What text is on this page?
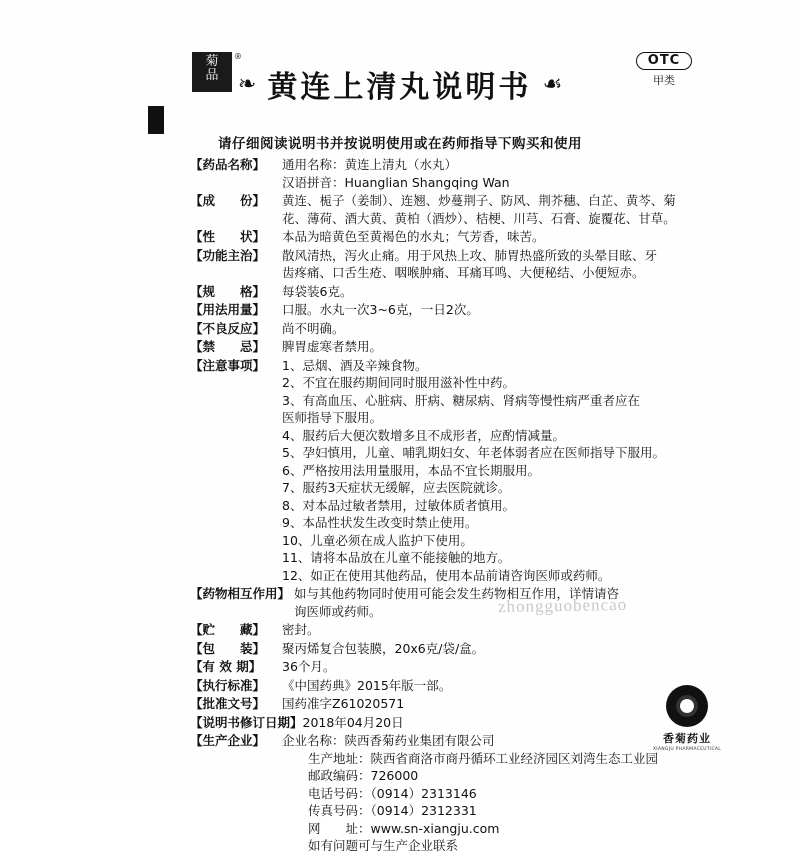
菊
品
®	OTC
甲类
❧ 黄连上清丸说明书 ☙
请仔细阅读说明书并按说明使用或在药师指导下购买和使用
【药品名称】	通用名称：黄连上清丸（水丸）

汉语拼音：Huanglian Shangqing Wan

【成　　份】	黄连、栀子（姜制）、连翘、炒蔓荆子、防风、荆芥穗、白芷、黄芩、菊

花、薄荷、酒大黄、黄柏（酒炒）、桔梗、川芎、石膏、旋覆花、甘草。

【性　　状】	本品为暗黄色至黄褐色的水丸；气芳香，味苦。

【功能主治】	散风清热，泻火止痛。用于风热上攻、肺胃热盛所致的头晕目眩、牙

齿疼痛、口舌生疮、咽喉肿痛、耳痛耳鸣、大便秘结、小便短赤。

【规　　格】	每袋装6克。

【用法用量】	口服。水丸一次3~6克，一日2次。

【不良反应】	尚不明确。

【禁　　忌】	脾胃虚寒者禁用。

【注意事项】	1、忌烟、酒及辛辣食物。

2、不宜在服药期间同时服用滋补性中药。

3、有高血压、心脏病、肝病、糖尿病、肾病等慢性病严重者应在

医师指导下服用。

4、服药后大便次数增多且不成形者，应酌情减量。

5、孕妇慎用，儿童、哺乳期妇女、年老体弱者应在医师指导下服用。

6、严格按用法用量服用，本品不宜长期服用。

7、服药3天症状无缓解，应去医院就诊。

8、对本品过敏者禁用，过敏体质者慎用。

9、本品性状发生改变时禁止使用。

10、儿童必须在成人监护下使用。

11、请将本品放在儿童不能接触的地方。

12、如正在使用其他药品，使用本品前请咨询医师或药师。

【药物相互作用】 如与其他药物同时使用可能会发生药物相互作用，详情请咨

询医师或药师。

【贮　　藏】	密封。
【包　　装】	聚丙烯复合包装膜，20x6克/袋/盒。
【有 效 期】	36个月。
【执行标准】	《中国药典》2015年版一部。
【批准文号】	国药准字Z61020571
【说明书修订日期】 2018年04月20日
【生产企业】	企业名称：陕西香菊药业集团有限公司

生产地址：陕西省商洛市商丹循环工业经济园区刘湾生态工业园

邮政编码：726000

电话号码：（0914）2313146

传真号码：（0914）2312331

网　　址：www.sn-xiangju.com

如有问题可与生产企业联系

zhongguobencao
香菊药业
XIANGJU PHARMACEUTICAL
